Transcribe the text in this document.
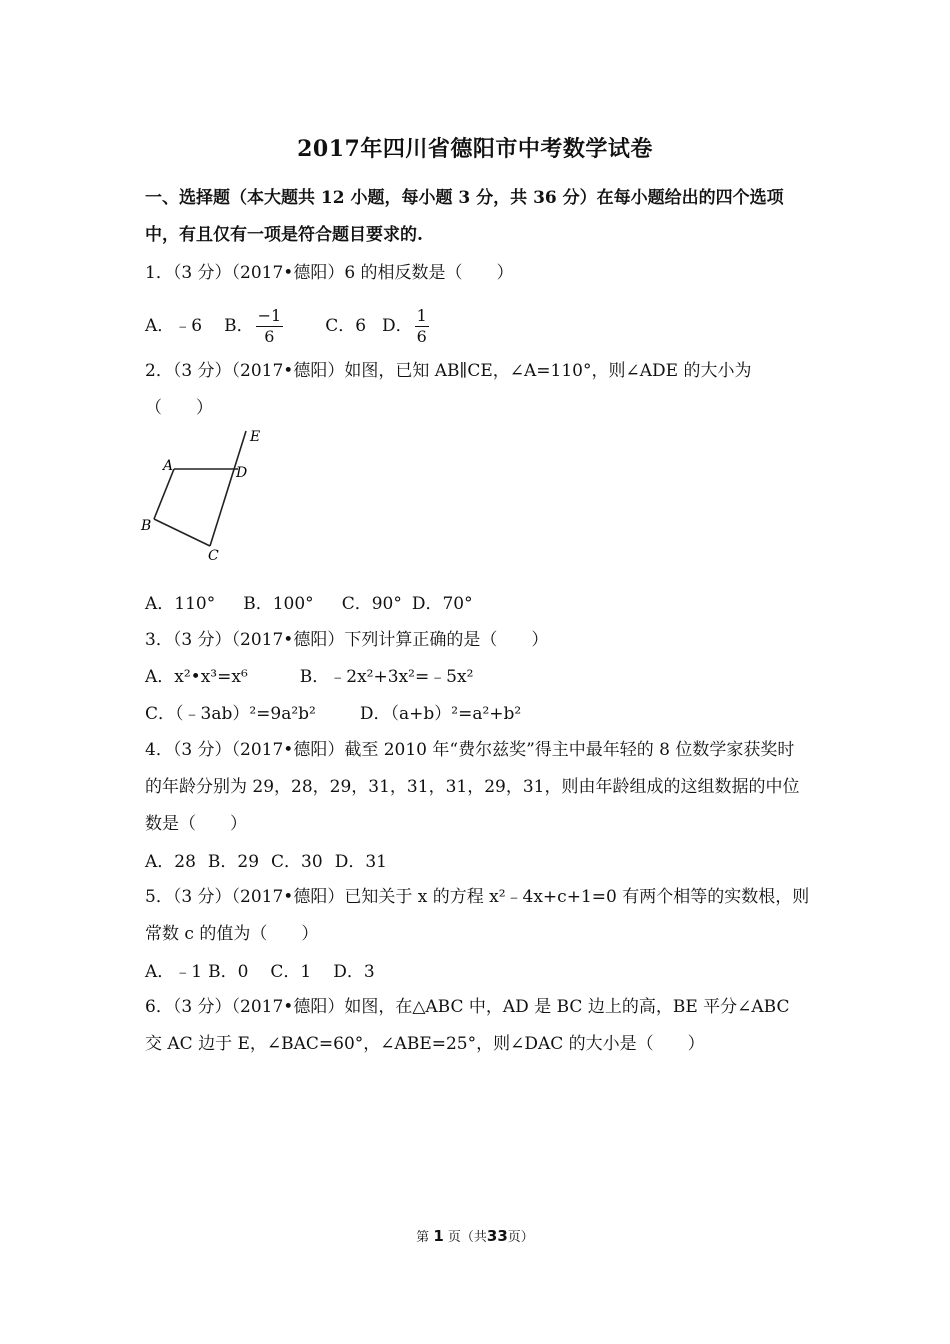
2017年四川省德阳市中考数学试卷
一、选择题（本大题共 12 小题，每小题 3 分，共 36 分）在每小题给出的四个选项中，有且仅有一项是符合题目要求的.
1．（3 分）（2017•德阳）6 的相反数是（　　）
A．﹣6 B． $\frac{-1}{6}$ C．6 D． $\frac{1}{6}$
2．（3 分）（2017•德阳）如图，已知 AB∥CE，∠A=110°，则∠ADE 的大小为（　　）
A
B
C
D
E
A．110° B．100° C．90° D．70°
3．（3 分）（2017•德阳）下列计算正确的是（　　）
A．x²•x³=x⁶	B．﹣2x²+3x²=﹣5x²
C．（﹣3ab）²=9a²b²	D．（a+b）²=a²+b²
4．（3 分）（2017•德阳）截至 2010 年“费尔兹奖”得主中最年轻的 8 位数学家获奖时的年龄分别为 29，28，29，31，31，31，29，31，则由年龄组成的这组数据的中位数是（　　）
A．28 B．29 C．30 D．31
5．（3 分）（2017•德阳）已知关于 x 的方程 x²﹣4x+c+1=0 有两个相等的实数根，则常数 c 的值为（　　）
A．﹣1 B．0 C．1 D．3
6．（3 分）（2017•德阳）如图，在△ABC 中，AD 是 BC 边上的高，BE 平分∠ABC 交 AC 边于 E，∠BAC=60°，∠ABE=25°，则∠DAC 的大小是（　　）
第 1 页（共33页）
